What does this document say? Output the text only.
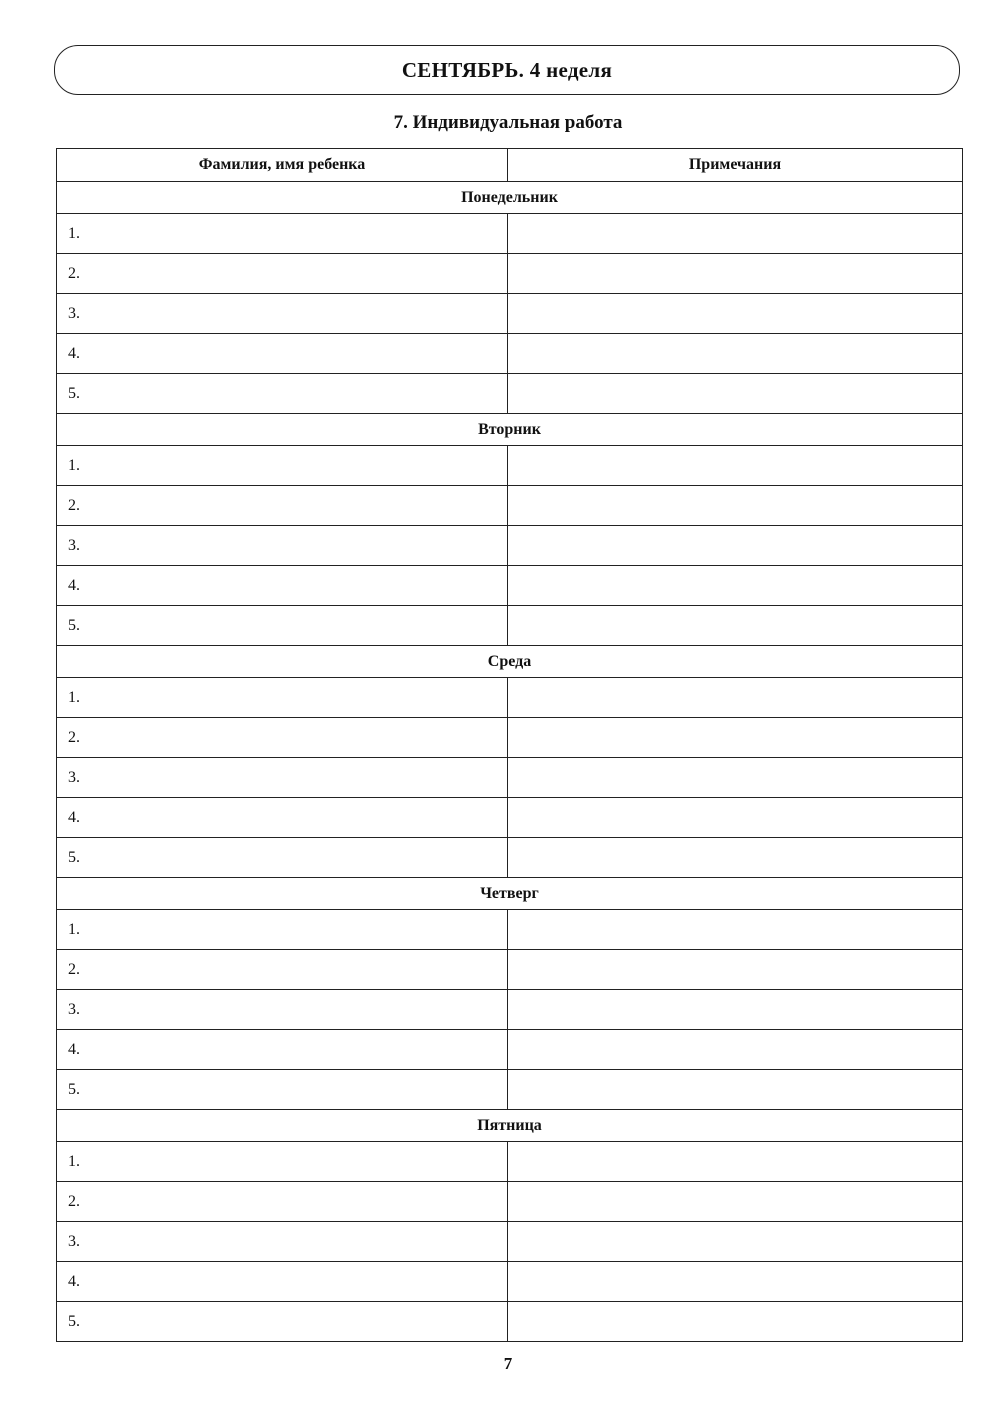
СЕНТЯБРЬ. 4 неделя
7. Индивидуальная работа
Фамилия, имя ребенка	Примечания
Понедельник	
1.	
2.	
3.	
4.	
5.	
Вторник	
1.	
2.	
3.	
4.	
5.	
Среда	
1.	
2.	
3.	
4.	
5.	
Четверг	
1.	
2.	
3.	
4.	
5.	
Пятница	
1.	
2.	
3.	
4.	
5.	
7
